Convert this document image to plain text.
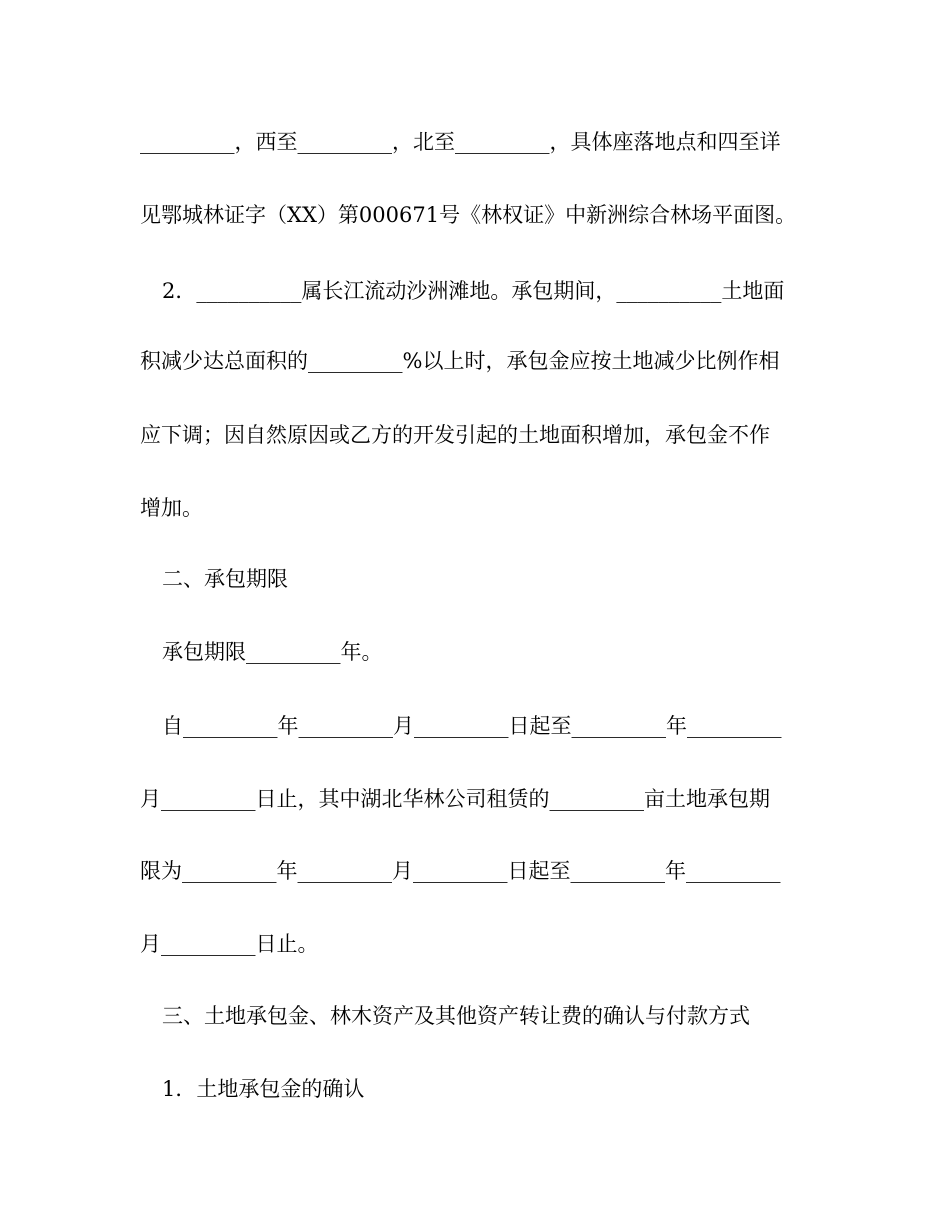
_________，西至_________，北至_________，具体座落地点和四至详
见鄂城林证字（XX）第000671号《林权证》中新洲综合林场平面图。
2．__________属长江流动沙洲滩地。承包期间，__________土地面
积减少达总面积的_________%以上时，承包金应按土地减少比例作相
应下调；因自然原因或乙方的开发引起的土地面积增加，承包金不作
增加。
二、承包期限
承包期限_________年。
自_________年_________月_________日起至_________年_________
月_________日止，其中湖北华林公司租赁的_________亩土地承包期
限为_________年_________月_________日起至_________年_________
月_________日止。
三、土地承包金、林木资产及其他资产转让费的确认与付款方式
1．土地承包金的确认
